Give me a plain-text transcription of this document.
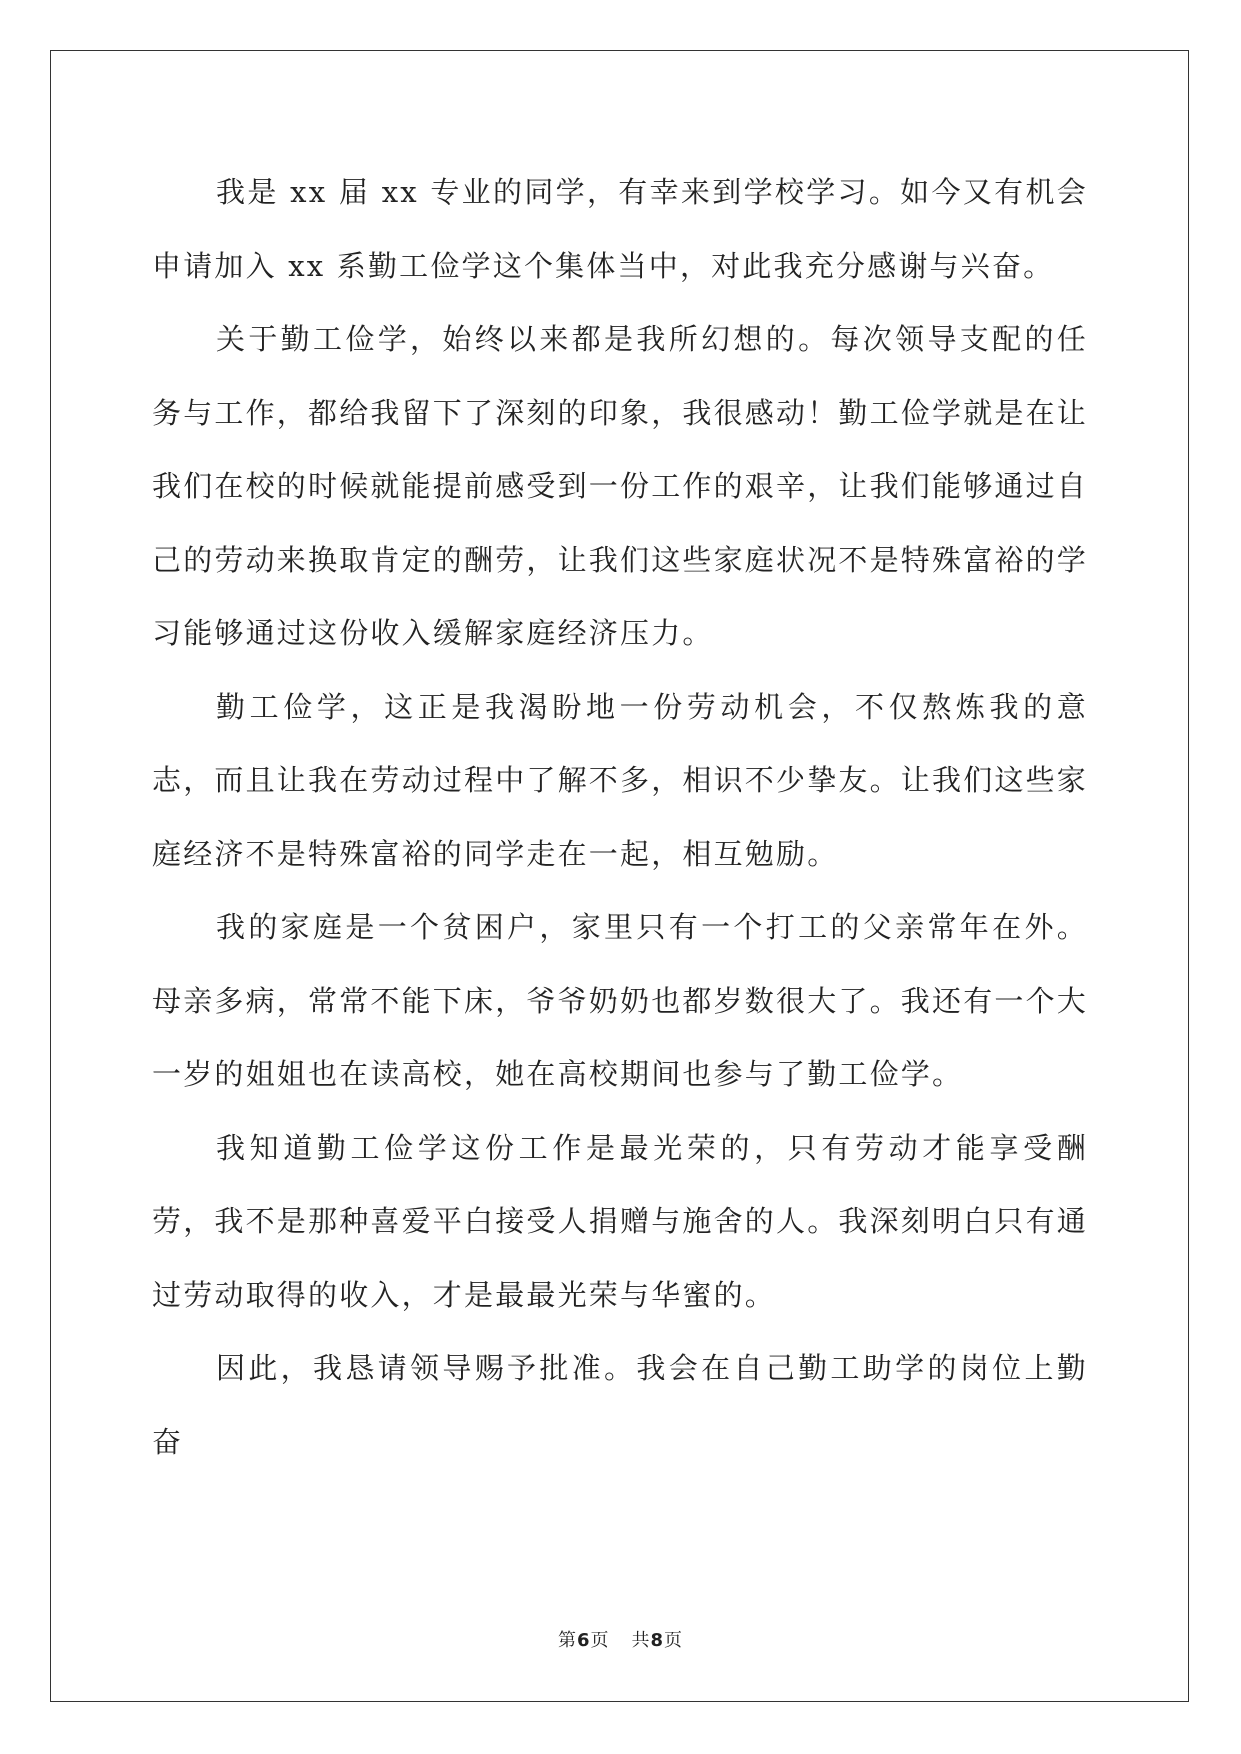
我是 xx 届 xx 专业的同学，有幸来到学校学习。如今又有机会申请加入 xx 系勤工俭学这个集体当中，对此我充分感谢与兴奋。

关于勤工俭学，始终以来都是我所幻想的。每次领导支配的任务与工作，都给我留下了深刻的印象，我很感动！勤工俭学就是在让我们在校的时候就能提前感受到一份工作的艰辛，让我们能够通过自己的劳动来换取肯定的酬劳，让我们这些家庭状况不是特殊富裕的学习能够通过这份收入缓解家庭经济压力。

勤工俭学，这正是我渴盼地一份劳动机会，不仅熬炼我的意志，而且让我在劳动过程中了解不多，相识不少挚友。让我们这些家庭经济不是特殊富裕的同学走在一起，相互勉励。

我的家庭是一个贫困户，家里只有一个打工的父亲常年在外。母亲多病，常常不能下床，爷爷奶奶也都岁数很大了。我还有一个大一岁的姐姐也在读高校，她在高校期间也参与了勤工俭学。

我知道勤工俭学这份工作是最光荣的，只有劳动才能享受酬劳，我不是那种喜爱平白接受人捐赠与施舍的人。我深刻明白只有通过劳动取得的收入，才是最最光荣与华蜜的。

因此，我恳请领导赐予批准。我会在自己勤工助学的岗位上勤奋

第6页 共8页
